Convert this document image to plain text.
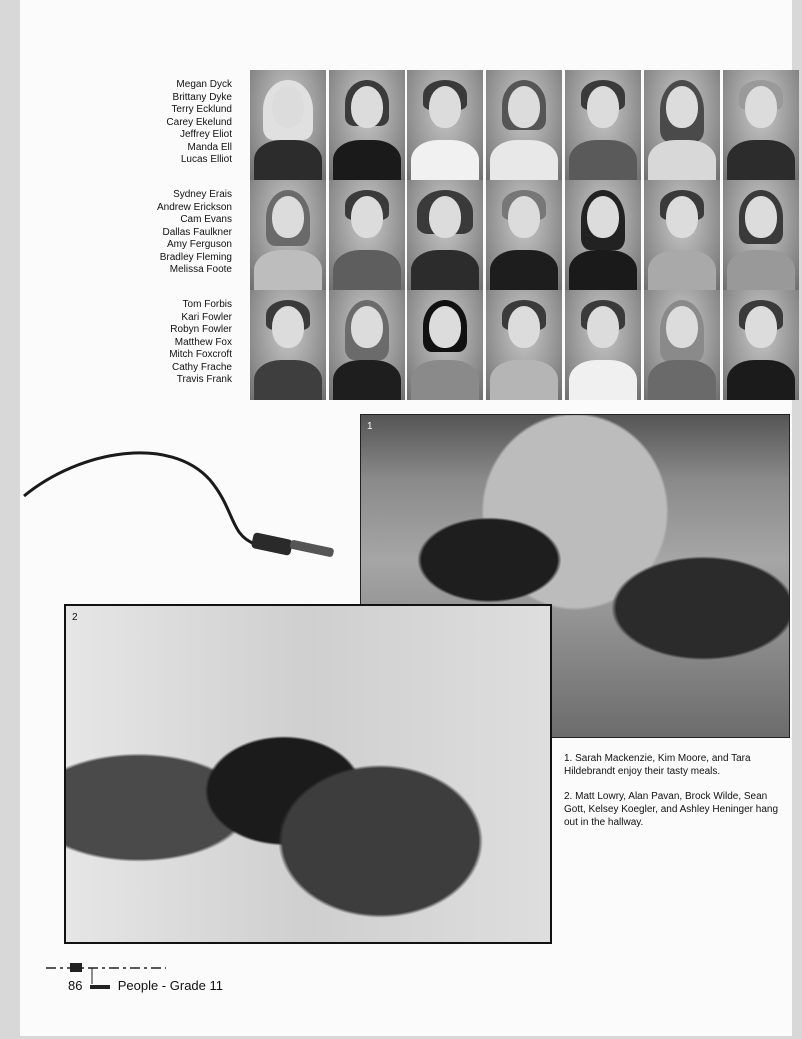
Megan Dyck
Brittany Dyke
Terry Ecklund
Carey Ekelund
Jeffrey Eliot
Manda Ell
Lucas Elliot
Sydney Erais
Andrew Erickson
Cam Evans
Dallas Faulkner
Amy Ferguson
Bradley Fleming
Melissa Foote
Tom Forbis
Kari Fowler
Robyn Fowler
Matthew Fox
Mitch Foxcroft
Cathy Frache
Travis Frank
1
2
1. Sarah Mackenzie, Kim Moore, and Tara Hildebrandt enjoy their tasty meals.
2. Matt Lowry, Alan Pavan, Brock Wilde, Sean Gott, Kelsey Koegler, and Ashley Heninger hang out in the hallway.
86	People - Grade 11
